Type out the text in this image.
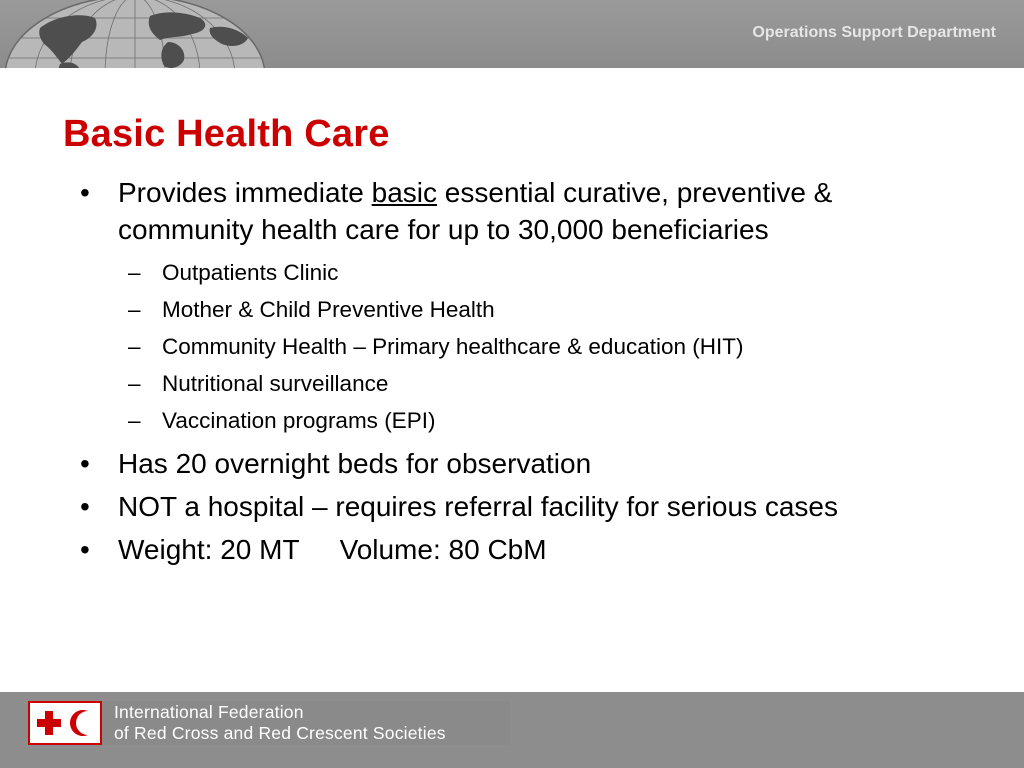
Operations Support Department
Basic Health Care
•	Provides immediate basic essential curative, preventive & community health care for up to 30,000 beneficiaries
– Outpatients Clinic
– Mother & Child Preventive Health
– Community Health – Primary healthcare & education (HIT)
– Nutritional surveillance
– Vaccination programs (EPI)
•	Has 20 overnight beds for observation
•	NOT a hospital – requires referral facility for serious cases
•	Weight: 20 MT Volume: 80 CbM
International Federation
of Red Cross and Red Crescent Societies
